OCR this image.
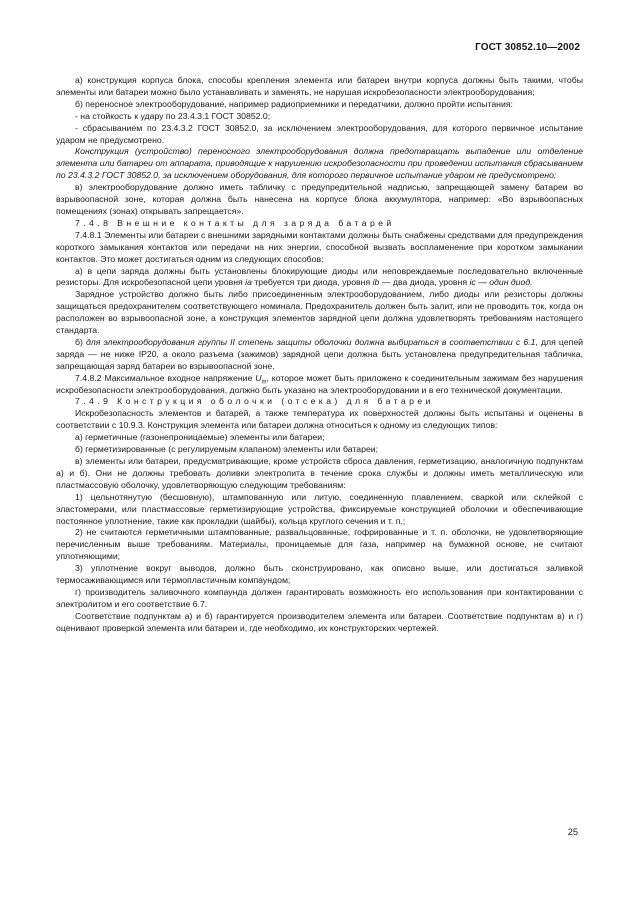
ГОСТ 30852.10—2002

а) конструкция корпуса блока, способы крепления элемента или батареи внутри корпуса должны быть такими, чтобы элементы или батареи можно было устанавливать и заменять, не нарушая искробезопасности электрооборудования;

б) переносное электрооборудование, например радиоприемники и передатчики, должно пройти испытания:

- на стойкость к удару по 23.4.3.1 ГОСТ 30852.0;

- сбрасыванием по 23.4.3.2 ГОСТ 30852.0, за исключением электрооборудования, для которого первичное испытание ударом не предусмотрено.

Конструкция (устройство) переносного электрооборудования должна предотвращать выпадение или отделение элемента или батареи от аппарата, приводящие к нарушению искробезопасности при проведении испытания сбрасыванием по 23.4.3.2 ГОСТ 30852.0, за исключением оборудования, для которого первичное испытание ударом не предусмотрено;

в) электрооборудование должно иметь табличку с предупредительной надписью, запрещающей замену батареи во взрывоопасной зоне, которая должна быть нанесена на корпусе блока аккумулятора, например: «Во взрывоопасных помещениях (зонах) открывать запрещается».

7.4.8 Внешние контакты для заряда батарей

7.4.8.1 Элементы или батареи с внешними зарядными контактами должны быть снабжены средствами для предупреждения короткого замыкания контактов или передачи на них энергии, способной вызвать воспламенение при коротком замыкании контактов. Это может достигаться одним из следующих способов:

а) в цепи заряда должны быть установлены блокирующие диоды или неповреждаемые последовательно включенные резисторы. Для искробезопасной цепи уровня ia требуется три диода, уровня ib — два диода, уровня ic — один диод.

Зарядное устройство должно быть либо присоединенным электрооборудованием, либо диоды или резисторы должны защищаться предохранителем соответствующего номинала. Предохранитель должен быть залит, или не проводить ток, когда он расположен во взрывоопасной зоне, а конструкция элементов зарядной цепи должна удовлетворять требованиям настоящего стандарта.

б) для электрооборудования группы II степень защиты оболочки должна выбираться в соответствии с 6.1, для цепей заряда — не ниже IP20, а около разъема (зажимов) зарядной цепи должна быть установлена предупредительная табличка, запрещающая заряд батареи во взрывоопасной зоне.

7.4.8.2 Максимальное входное напряжение $U_m$, которое может быть приложено к соединительным зажимам без нарушения искробезопасности электрооборудования, должно быть указано на электрооборудовании и в его технической документации.

7.4.9 Конструкция оболочки (отсека) для батареи

Искробезопасность элементов и батарей, а также температура их поверхностей должны быть испытаны и оценены в соответствии с 10.9.3. Конструкция элемента или батареи должна относиться к одному из следующих типов:

а) герметичные (газонепроницаемые) элементы или батареи;

б) герметизированные (с регулируемым клапаном) элементы или батареи;

в) элементы или батареи, предусматривающие, кроме устройств сброса давления, герметизацию, аналогичную подпунктам а) и б). Они не должны требовать доливки электролита в течение срока службы и должны иметь металлическую или пластмассовую оболочку, удовлетворяющую следующим требованиям:

1) цельнотянутую (бесшовную), штампованную или литую, соединенную плавлением, сваркой или склейкой с эластомерами, или пластмассовые герметизирующие устройства, фиксируемые конструкцией оболочки и обеспечивающие постоянное уплотнение, такие как прокладки (шайбы), кольца круглого сечения и т. п.;

2) не считаются герметичными штампованные, развальцованные, гофрированные и т. п. оболочки, не удовлетворяющие перечисленным выше требованиям. Материалы, проницаемые для газа, например на бумажной основе, не считают уплотняющими;

3) уплотнение вокруг выводов, должно быть сконструировано, как описано выше, или достигаться заливкой термосаживающимся или термопластичным компаундом;

г) производитель заливочного компаунда должен гарантировать возможность его использования при контактировании с электролитом и его соответствие 6.7.

Соответствие подпунктам а) и б) гарантируется производителем элемента или батареи. Соответствие подпунктам в) и г) оценивают проверкой элемента или батареи и, где необходимо, их конструкторских чертежей.

25
